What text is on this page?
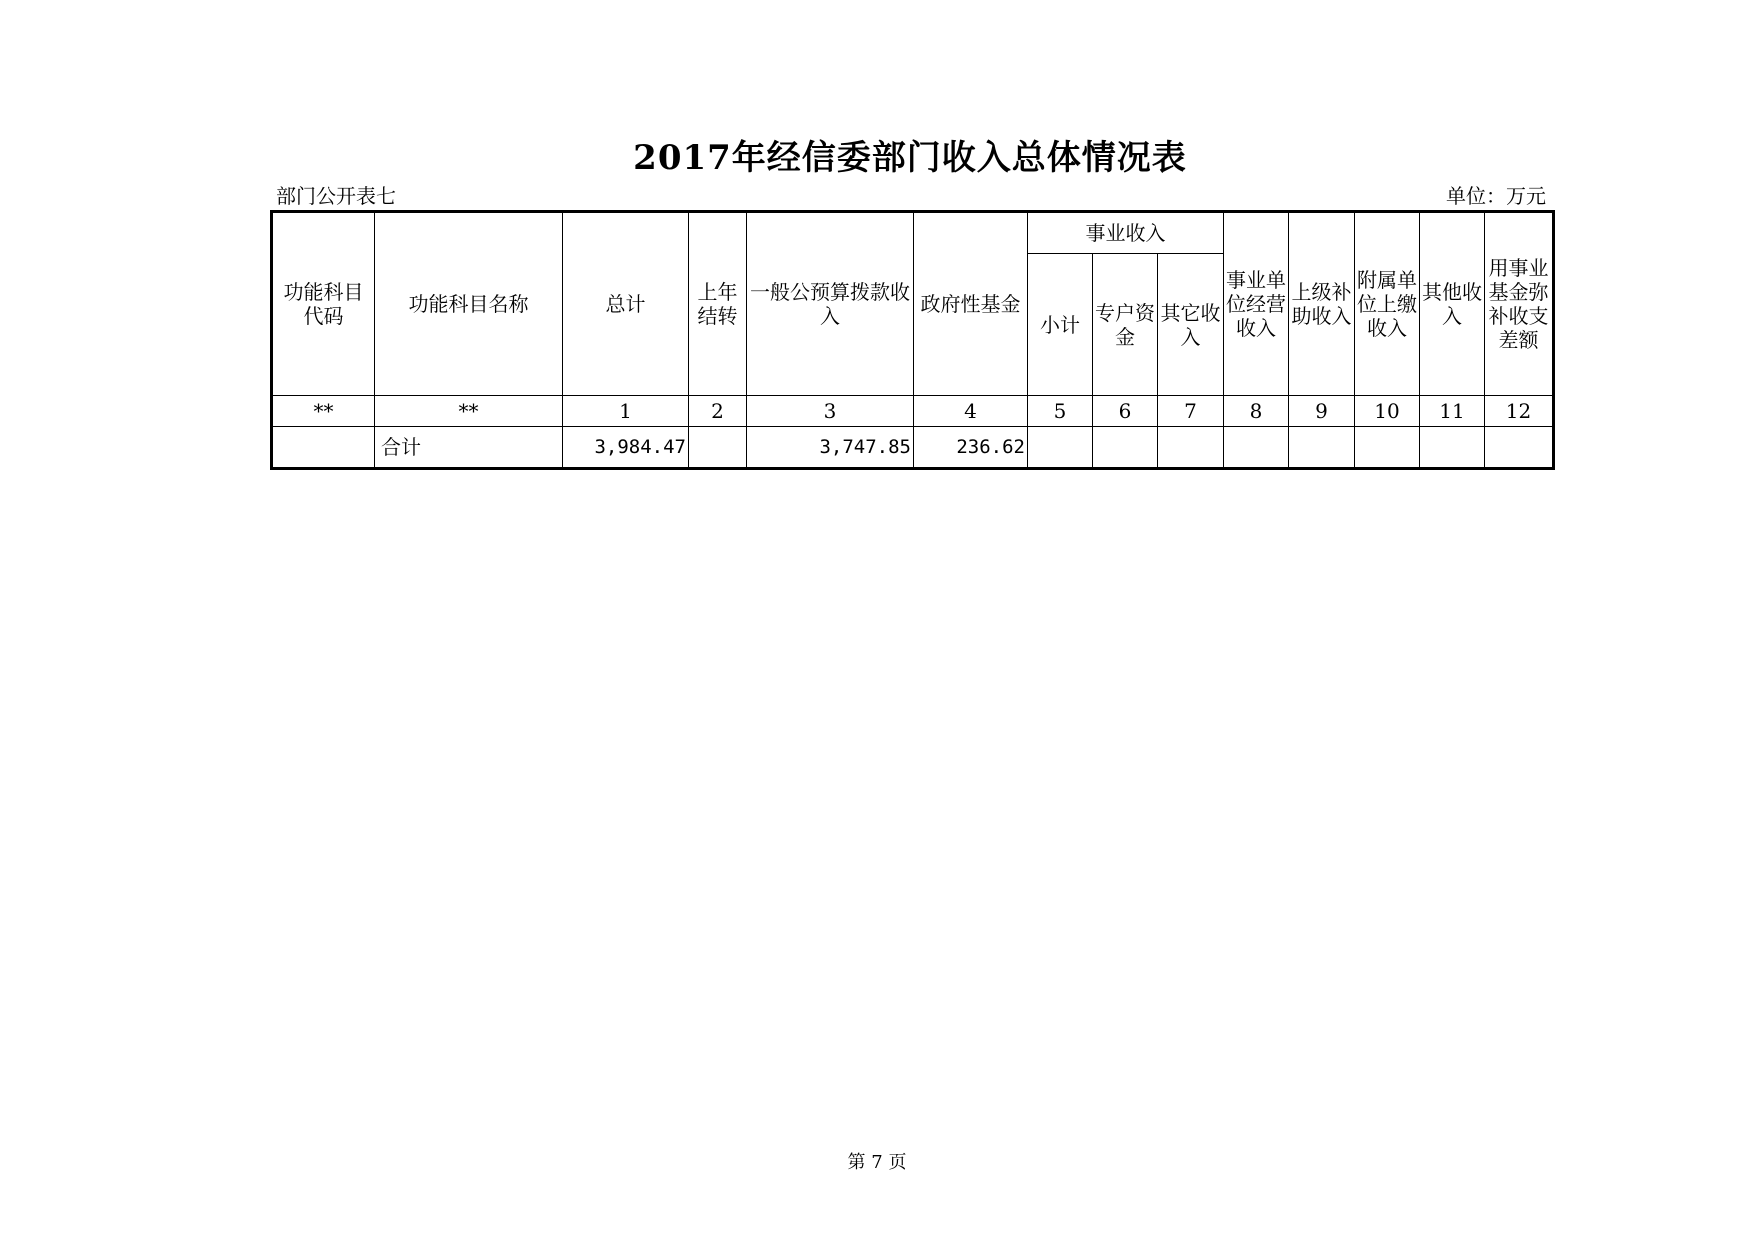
2017年经信委部门收入总体情况表
部门公开表七	单位：万元
功能科目代码	功能科目名称	总计	上年结转	一般公预算拨款收入	政府性基金	事业收入			事业单位经营收入	上级补助收入	附属单位上缴收入	其他收入	用事业基金弥补收支差额
						小计	专户资金	其它收入					
**	**	1	2	3	4	5	6	7	8	9	10	11	12
	合计	3,984.47		3,747.85	236.62								
第 7 页
